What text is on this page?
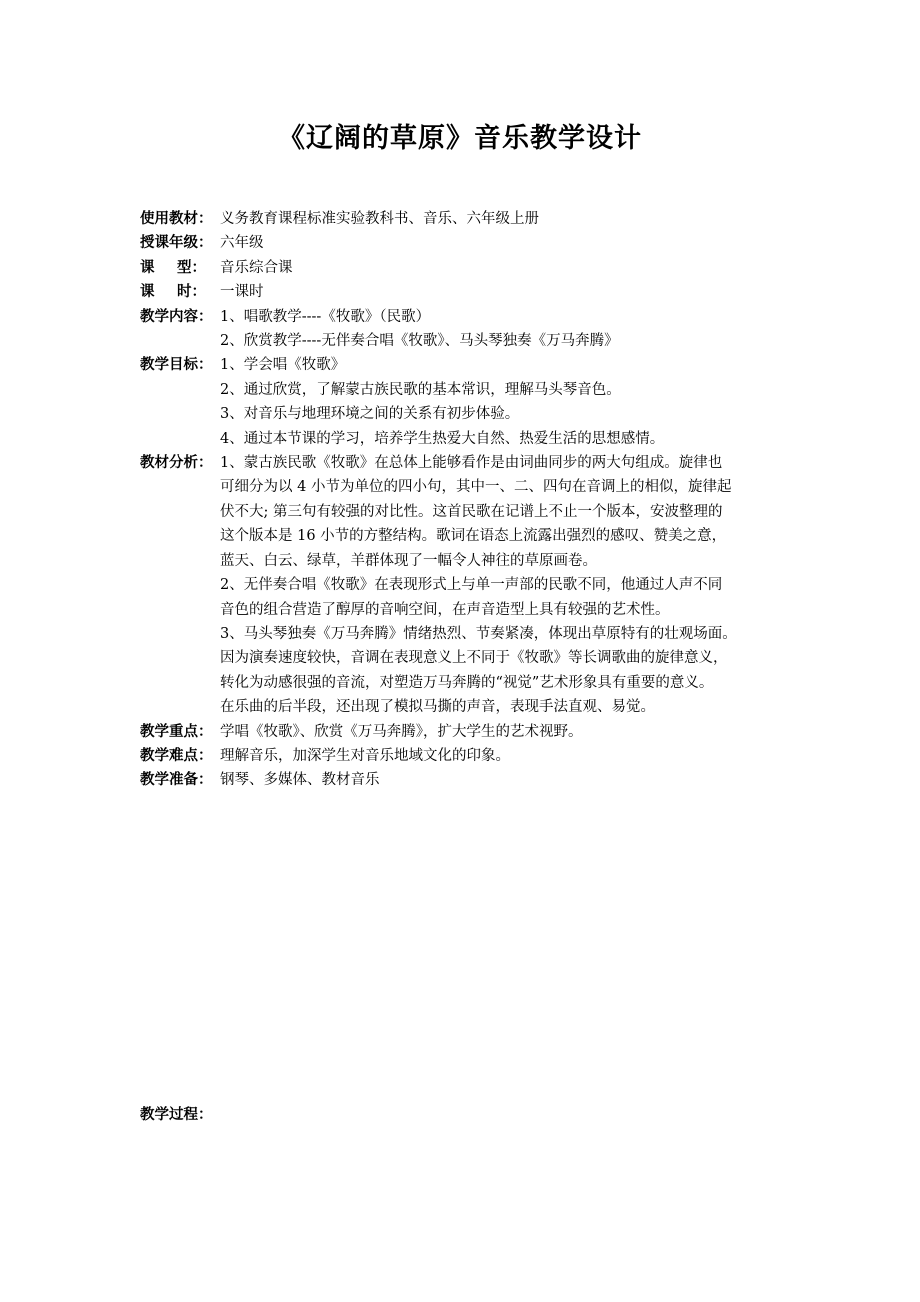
《辽阔的草原》音乐教学设计
使用教材： 义务教育课程标准实验教科书、音乐、六年级上册
授课年级： 六年级
课 型： 音乐综合课
课 时： 一课时
教学内容： 1、唱歌教学----《牧歌》（民歌）
2、欣赏教学----无伴奏合唱《牧歌》、马头琴独奏《万马奔腾》
教学目标： 1、学会唱《牧歌》
2、通过欣赏，了解蒙古族民歌的基本常识，理解马头琴音色。
3、对音乐与地理环境之间的关系有初步体验。
4、通过本节课的学习，培养学生热爱大自然、热爱生活的思想感情。
教材分析： 1、蒙古族民歌《牧歌》在总体上能够看作是由词曲同步的两大句组成。旋律也
可细分为以 4 小节为单位的四小句，其中一、二、四句在音调上的相似，旋律起
伏不大; 第三句有较强的对比性。这首民歌在记谱上不止一个版本，安波整理的
这个版本是 16 小节的方整结构。歌词在语态上流露出强烈的感叹、赞美之意，
蓝天、白云、绿草，羊群体现了一幅令人神往的草原画卷。
2、无伴奏合唱《牧歌》在表现形式上与单一声部的民歌不同，他通过人声不同
音色的组合营造了醇厚的音响空间，在声音造型上具有较强的艺术性。
3、马头琴独奏《万马奔腾》情绪热烈、节奏紧凑，体现出草原特有的壮观场面。
因为演奏速度较快，音调在表现意义上不同于《牧歌》等长调歌曲的旋律意义，
转化为动感很强的音流，对塑造万马奔腾的“视觉”艺术形象具有重要的意义。
在乐曲的后半段，还出现了模拟马撕的声音，表现手法直观、易觉。
教学重点： 学唱《牧歌》、欣赏《万马奔腾》，扩大学生的艺术视野。
教学难点： 理解音乐，加深学生对音乐地域文化的印象。
教学准备： 钢琴、多媒体、教材音乐
教学过程：
